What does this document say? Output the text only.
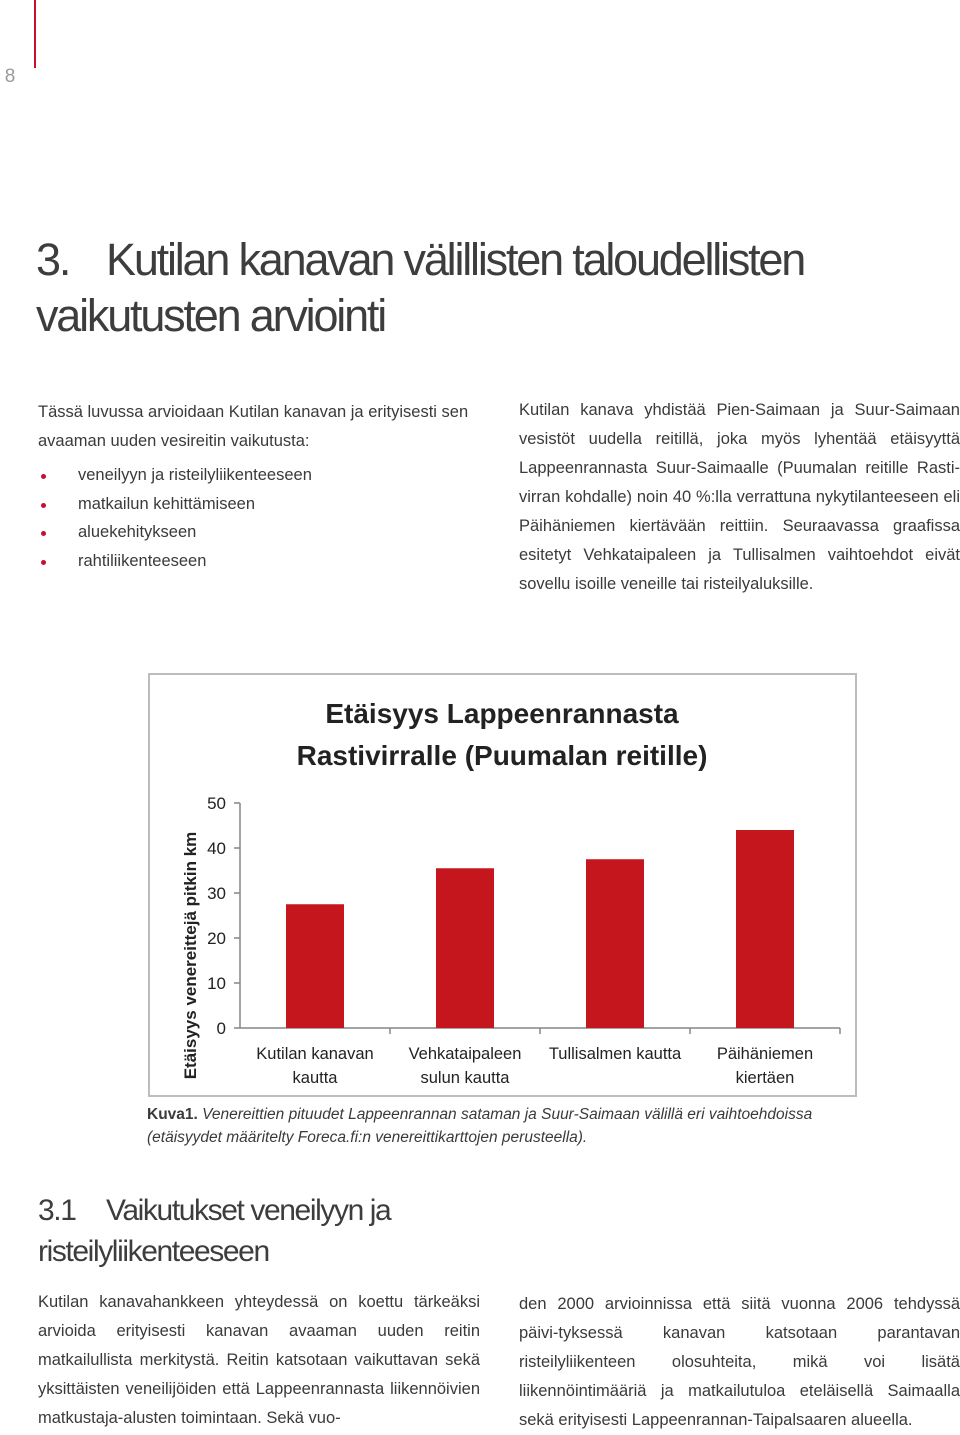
8
3. Kutilan kanavan välillisten taloudellisten vaikutusten arviointi

Tässä luvussa arvioidaan Kutilan kanavan ja erityisesti sen avaaman uuden vesireitin vaikutusta:

veneilyyn ja risteilyliikenteeseen
matkailun kehittämiseen
aluekehitykseen
rahtiliikenteeseen

Kutilan kanava yhdistää Pien-Saimaan ja Suur-Saimaan vesistöt uudella reitillä, joka myös lyhentää etäisyyttä Lappeenrannasta Suur-Saimaalle (Puumalan reitille Rasti-virran kohdalle) noin 40 %:lla verrattuna nykytilanteeseen eli Päihäniemen kiertävään reittiin. Seuraavassa graafissa esitetyt Vehkataipaleen ja Tullisalmen vaihtoehdot eivät sovellu isoille veneille tai risteilyaluksille.

Etäisyys Lappeenrannasta
Rastivirralle (Puumalan reitille)
0
10
20
30
40
50
Etäisyys venereittejä pitkin km	Kutilan kanavan
kautta
Vehkataipaleen
sulun kautta
Tullisalmen kautta Päihäniemen
kiertäen
Kuva1. Venereittien pituudet Lappeenrannan sataman ja Suur-Saimaan välillä eri vaihtoehdoissa (etäisyydet määritelty Foreca.fi:n venereittikarttojen perusteella).
3.1 Vaikutukset veneilyyn ja risteilyliikenteeseen

Kutilan kanavahankkeen yhteydessä on koettu tärkeäksi arvioida erityisesti kanavan avaaman uuden reitin matkailullista merkitystä. Reitin katsotaan vaikuttavan sekä yksittäisten veneilijöiden että Lappeenrannasta liikennöivien matkustaja-alusten toimintaan. Sekä vuo-

den 2000 arvioinnissa että siitä vuonna 2006 tehdyssä päivi-tyksessä kanavan katsotaan parantavan risteilyliikenteen olosuhteita, mikä voi lisätä liikennöintimääriä ja matkailutuloa eteläisellä Saimaalla sekä erityisesti Lappeenrannan-Taipalsaaren alueella.
